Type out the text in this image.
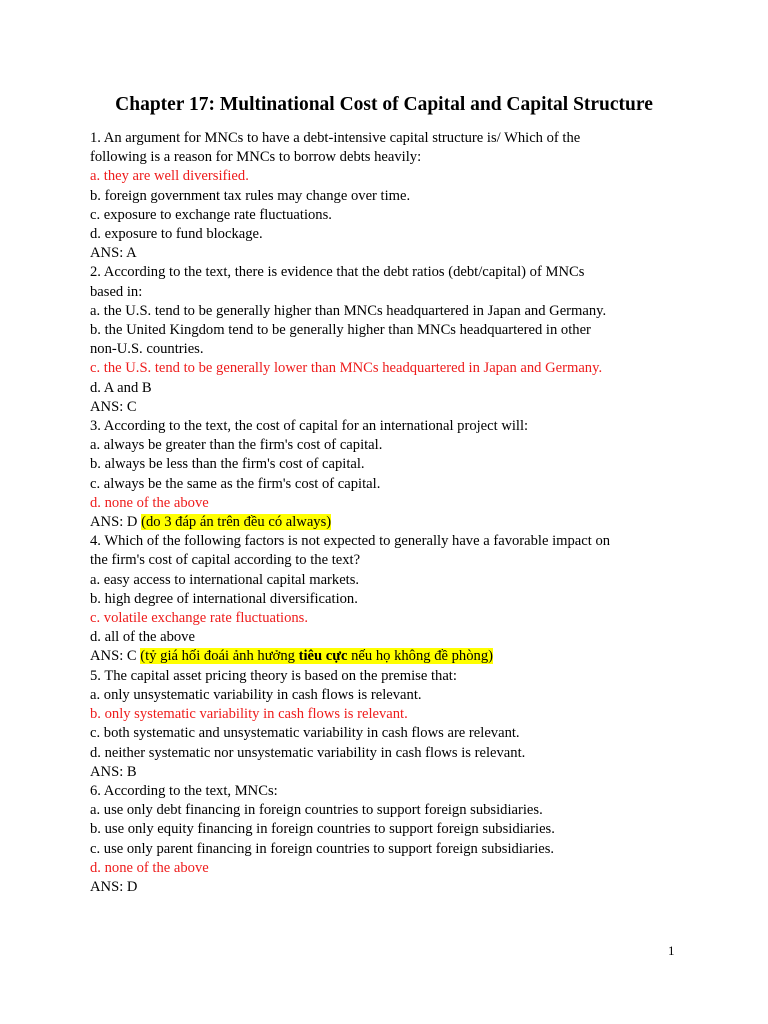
Chapter 17: Multinational Cost of Capital and Capital Structure
1. An argument for MNCs to have a debt-intensive capital structure is/ Which of the
following is a reason for MNCs to borrow debts heavily:
a. they are well diversified.
b. foreign government tax rules may change over time.
c. exposure to exchange rate fluctuations.
d. exposure to fund blockage.
ANS: A
2. According to the text, there is evidence that the debt ratios (debt/capital) of MNCs
based in:
a. the U.S. tend to be generally higher than MNCs headquartered in Japan and Germany.
b. the United Kingdom tend to be generally higher than MNCs headquartered in other
non-U.S. countries.
c. the U.S. tend to be generally lower than MNCs headquartered in Japan and Germany.
d. A and B
ANS: C
3. According to the text, the cost of capital for an international project will:
a. always be greater than the firm's cost of capital.
b. always be less than the firm's cost of capital.
c. always be the same as the firm's cost of capital.
d. none of the above
ANS: D (do 3 đáp án trên đều có always)
4. Which of the following factors is not expected to generally have a favorable impact on
the firm's cost of capital according to the text?
a. easy access to international capital markets.
b. high degree of international diversification.
c. volatile exchange rate fluctuations.
d. all of the above
ANS: C (tỷ giá hối đoái ảnh hưởng tiêu cực nếu họ không đề phòng)
5. The capital asset pricing theory is based on the premise that:
a. only unsystematic variability in cash flows is relevant.
b. only systematic variability in cash flows is relevant.
c. both systematic and unsystematic variability in cash flows are relevant.
d. neither systematic nor unsystematic variability in cash flows is relevant.
ANS: B
6. According to the text, MNCs:
a. use only debt financing in foreign countries to support foreign subsidiaries.
b. use only equity financing in foreign countries to support foreign subsidiaries.
c. use only parent financing in foreign countries to support foreign subsidiaries.
d. none of the above
ANS: D
1
